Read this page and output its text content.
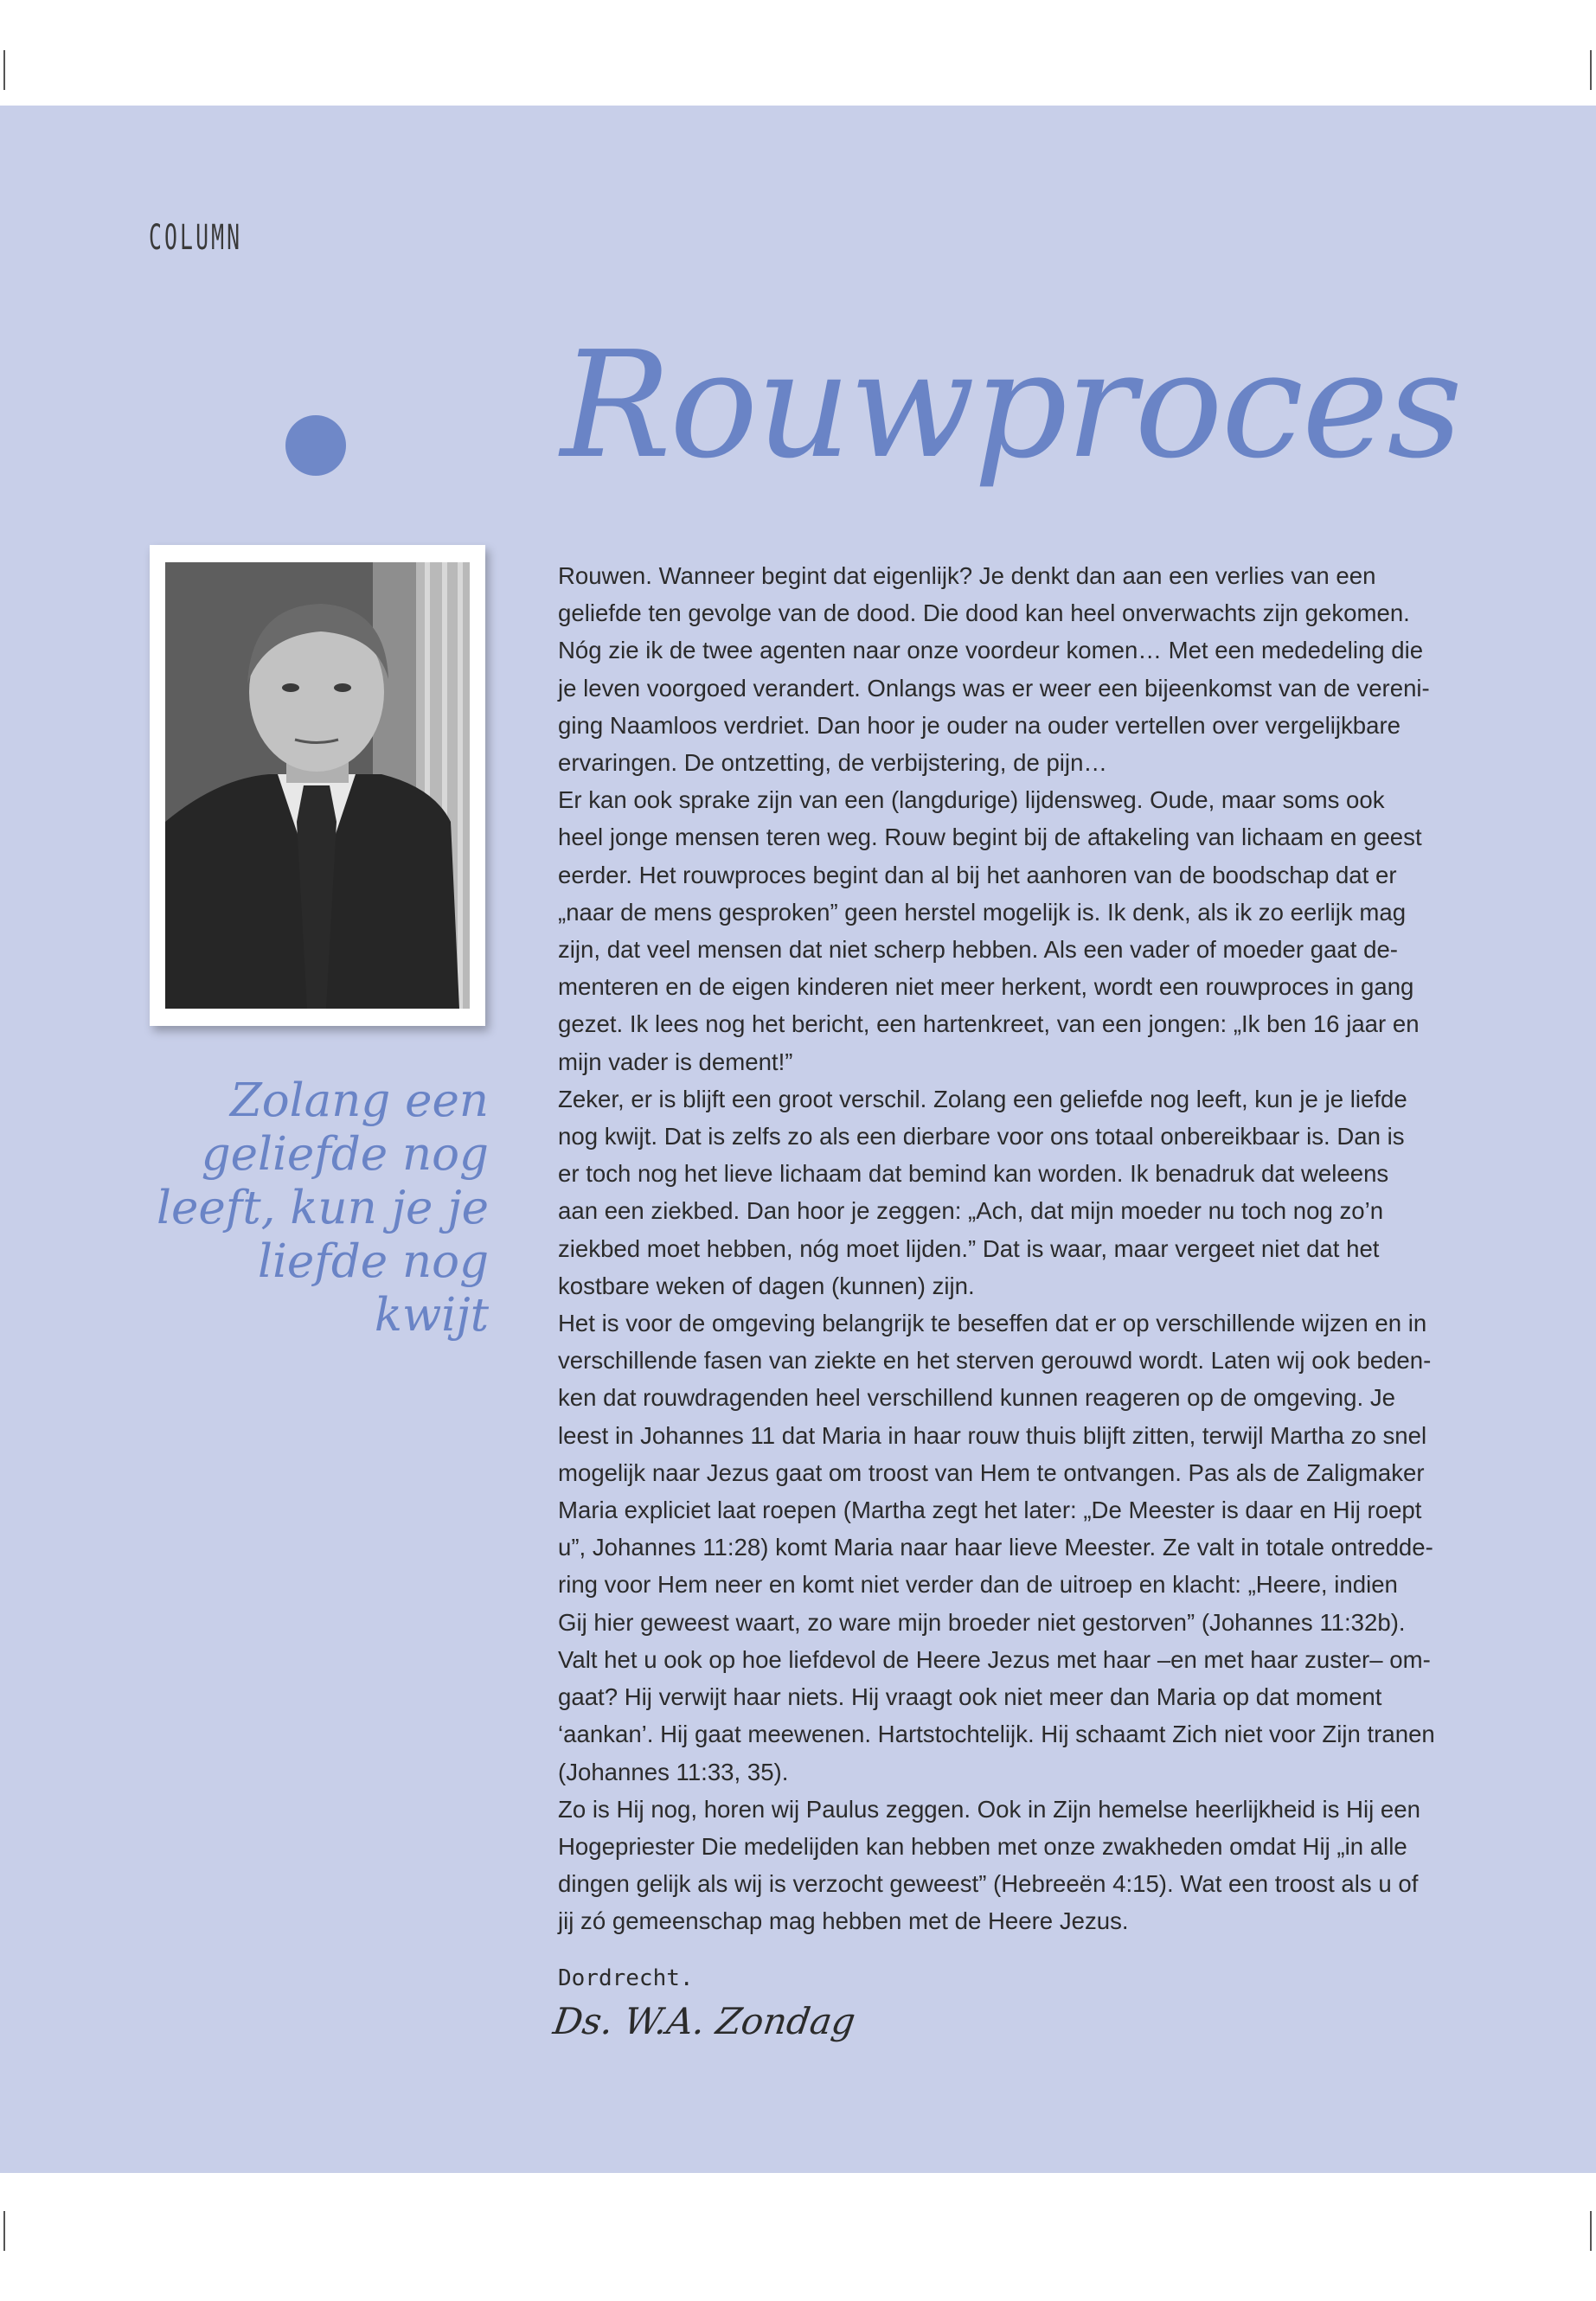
COLUMN
Rouwproces
Zolang een geliefde nog leeft, kun je je liefde nog kwijt
Rouwen. Wanneer begint dat eigenlijk? Je denkt dan aan een verlies van een
geliefde ten gevolge van de dood. Die dood kan heel onverwachts zijn gekomen.
Nóg zie ik de twee agenten naar onze voordeur komen… Met een mededeling die
je leven voorgoed verandert. Onlangs was er weer een bijeenkomst van de vereni-
ging Naamloos verdriet. Dan hoor je ouder na ouder vertellen over vergelijkbare
ervaringen. De ontzetting, de verbijstering, de pijn…
Er kan ook sprake zijn van een (langdurige) lijdensweg. Oude, maar soms ook
heel jonge mensen teren weg. Rouw begint bij de aftakeling van lichaam en geest
eerder. Het rouwproces begint dan al bij het aanhoren van de boodschap dat er
„naar de mens gesproken” geen herstel mogelijk is. Ik denk, als ik zo eerlijk mag
zijn, dat veel mensen dat niet scherp hebben. Als een vader of moeder gaat de-
menteren en de eigen kinderen niet meer herkent, wordt een rouwproces in gang
gezet. Ik lees nog het bericht, een hartenkreet, van een jongen: „Ik ben 16 jaar en
mijn vader is dement!”
Zeker, er is blijft een groot verschil. Zolang een geliefde nog leeft, kun je je liefde
nog kwijt. Dat is zelfs zo als een dierbare voor ons totaal onbereikbaar is. Dan is
er toch nog het lieve lichaam dat bemind kan worden. Ik benadruk dat weleens
aan een ziekbed. Dan hoor je zeggen: „Ach, dat mijn moeder nu toch nog zo’n
ziekbed moet hebben, nóg moet lijden.” Dat is waar, maar vergeet niet dat het
kostbare weken of dagen (kunnen) zijn.
Het is voor de omgeving belangrijk te beseffen dat er op verschillende wijzen en in
verschillende fasen van ziekte en het sterven gerouwd wordt. Laten wij ook beden-
ken dat rouwdragenden heel verschillend kunnen reageren op de omgeving. Je
leest in Johannes 11 dat Maria in haar rouw thuis blijft zitten, terwijl Martha zo snel
mogelijk naar Jezus gaat om troost van Hem te ontvangen. Pas als de Zaligmaker
Maria expliciet laat roepen (Martha zegt het later: „De Meester is daar en Hij roept
u”, Johannes 11:28) komt Maria naar haar lieve Meester. Ze valt in totale ontredde-
ring voor Hem neer en komt niet verder dan de uitroep en klacht: „Heere, indien
Gij hier geweest waart, zo ware mijn broeder niet gestorven” (Johannes 11:32b).
Valt het u ook op hoe liefdevol de Heere Jezus met haar –en met haar zuster– om-
gaat? Hij verwijt haar niets. Hij vraagt ook niet meer dan Maria op dat moment
‘aankan’. Hij gaat meewenen. Hartstochtelijk. Hij schaamt Zich niet voor Zijn tranen
(Johannes 11:33, 35).
Zo is Hij nog, horen wij Paulus zeggen. Ook in Zijn hemelse heerlijkheid is Hij een
Hogepriester Die medelijden kan hebben met onze zwakheden omdat Hij „in alle
dingen gelijk als wij is verzocht geweest” (Hebreeën 4:15). Wat een troost als u of
jij zó gemeenschap mag hebben met de Heere Jezus.
Dordrecht.
Ds. W.A. Zondag
